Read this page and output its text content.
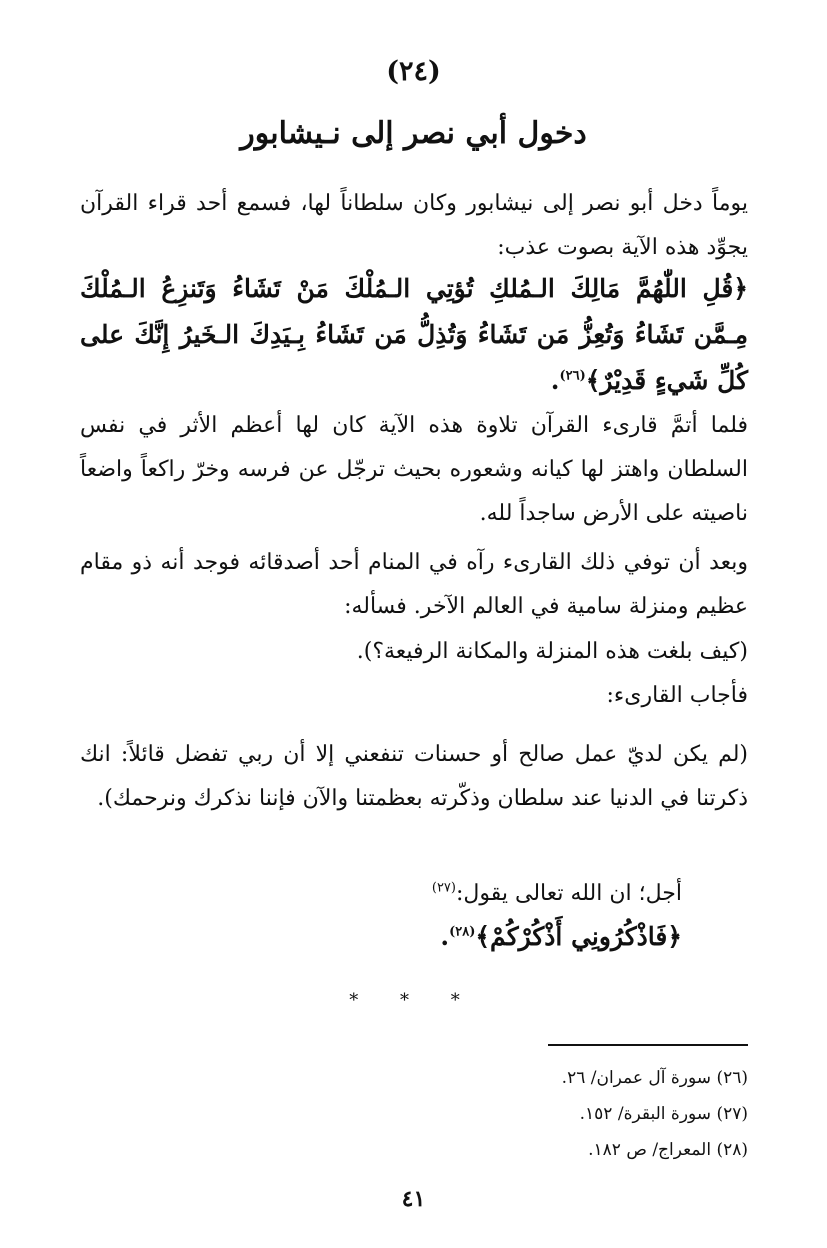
(٢٤)
دخول أبي نصر إلى نـيشابور
يوماً دخل أبو نصر إلى نيشابور وكان سلطاناً لها، فسمع أحد قراء القرآن يجوِّد هذه الآية بصوت عذب:
﴿قُلِ اللّٰهُمَّ مَالِكَ الـمُلكِ تُؤتِي الـمُلْكَ مَنْ تَشَاءُ وَتَنزِعُ الـمُلْكَ مِـمَّن تَشَاءُ وَتُعِزُّ مَن تَشَاءُ وَتُذِلُّ مَن تَشَاءُ بِـيَدِكَ الـخَيرُ إِنَّكَ على كُلِّ شَيءٍ قَدِيْرٌ﴾$^{(٢٦)}$.
فلما أتمَّ قارىء القرآن تلاوة هذه الآية كان لها أعظم الأثر في نفس السلطان واهتز لها كيانه وشعوره بحيث ترجّل عن فرسه وخرّ راكعاً واضعاً ناصيته على الأرض ساجداً لله.
وبعد أن توفي ذلك القارىء رآه في المنام أحد أصدقائه فوجد أنه ذو مقام عظيم ومنزلة سامية في العالم الآخر. فسأله:
(كيف بلغت هذه المنزلة والمكانة الرفيعة؟).
فأجاب القارىء:
(لم يكن لديّ عمل صالح أو حسنات تنفعني إلا أن ربي تفضل قائلاً: انك ذكرتنا في الدنيا عند سلطان وذكّرته بعظمتنا والآن فإننا نذكرك ونرحمك).
أجل؛ ان الله تعالى يقول:$^{(٢٧)}$
﴿فَاذْكُرُونِي أَذْكُرْكُمْ﴾$^{(٢٨)}$.
* * *
(٢٦) سورة آل عمران/ ٢٦.
(٢٧) سورة البقرة/ ١٥٢.
(٢٨) المعراج/ ص ١٨٢.
٤١
